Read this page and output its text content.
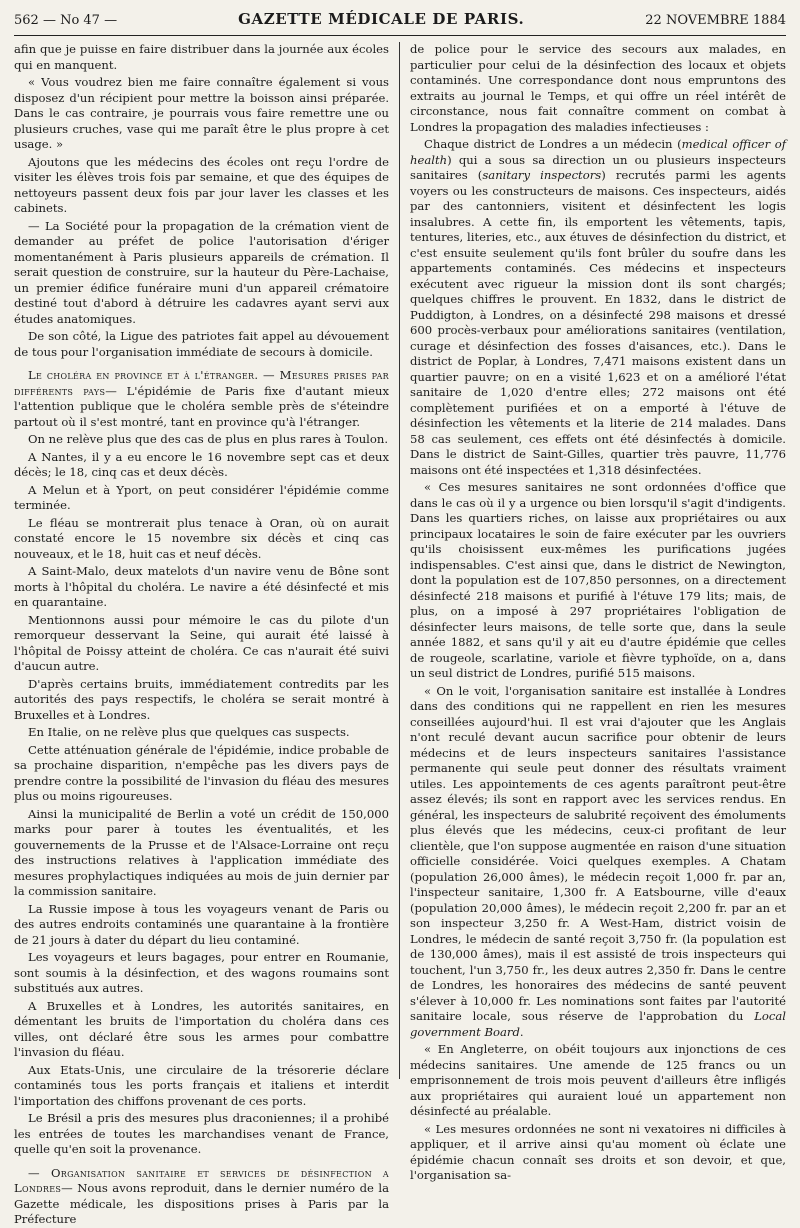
562 — No 47 —	GAZETTE MÉDICALE DE PARIS.	22 NOVEMBRE 1884

afin que je puisse en faire distribuer dans la journée aux écoles qui en manquent.

« Vous voudrez bien me faire connaître également si vous disposez d'un récipient pour mettre la boisson ainsi préparée. Dans le cas contraire, je pourrais vous faire remettre une ou plusieurs cruches, vase qui me paraît être le plus propre à cet usage. »

Ajoutons que les médecins des écoles ont reçu l'ordre de visiter les élèves trois fois par semaine, et que des équipes de nettoyeurs passent deux fois par jour laver les classes et les cabinets.

— La Société pour la propagation de la crémation vient de demander au préfet de police l'autorisation d'ériger momentanément à Paris plusieurs appareils de crémation. Il serait question de construire, sur la hauteur du Père-Lachaise, un premier édifice funéraire muni d'un appareil crématoire destiné tout d'abord à détruire les cadavres ayant servi aux études anatomiques.

De son côté, la Ligue des patriotes fait appel au dévouement de tous pour l'organisation immédiate de secours à domicile.

Le choléra en province et à l'étranger. — Mesures prises par différents pays— L'épidémie de Paris fixe d'autant mieux l'attention publique que le choléra semble près de s'éteindre partout où il s'est montré, tant en province qu'à l'étranger.

On ne relève plus que des cas de plus en plus rares à Toulon.

A Nantes, il y a eu encore le 16 novembre sept cas et deux décès; le 18, cinq cas et deux décès.

A Melun et à Yport, on peut considérer l'épidémie comme terminée.

Le fléau se montrerait plus tenace à Oran, où on aurait constaté encore le 15 novembre six décès et cinq cas nouveaux, et le 18, huit cas et neuf décès.

A Saint-Malo, deux matelots d'un navire venu de Bône sont morts à l'hôpital du choléra. Le navire a été désinfecté et mis en quarantaine.

Mentionnons aussi pour mémoire le cas du pilote d'un remorqueur desservant la Seine, qui aurait été laissé à l'hôpital de Poissy atteint de choléra. Ce cas n'aurait été suivi d'aucun autre.

D'après certains bruits, immédiatement contredits par les autorités des pays respectifs, le choléra se serait montré à Bruxelles et à Londres.

En Italie, on ne relève plus que quelques cas suspects.

Cette atténuation générale de l'épidémie, indice probable de sa prochaine disparition, n'empêche pas les divers pays de prendre contre la possibilité de l'invasion du fléau des mesures plus ou moins rigoureuses.

Ainsi la municipalité de Berlin a voté un crédit de 150,000 marks pour parer à toutes les éventualités, et les gouvernements de la Prusse et de l'Alsace-Lorraine ont reçu des instructions relatives à l'application immédiate des mesures prophylactiques indiquées au mois de juin dernier par la commission sanitaire.

La Russie impose à tous les voyageurs venant de Paris ou des autres endroits contaminés une quarantaine à la frontière de 21 jours à dater du départ du lieu contaminé.

Les voyageurs et leurs bagages, pour entrer en Roumanie, sont soumis à la désinfection, et des wagons roumains sont substitués aux autres.

A Bruxelles et à Londres, les autorités sanitaires, en démentant les bruits de l'importation du choléra dans ces villes, ont déclaré être sous les armes pour combattre l'invasion du fléau.

Aux Etats-Unis, une circulaire de la trésorerie déclare contaminés tous les ports français et italiens et interdit l'importation des chiffons provenant de ces ports.

Le Brésil a pris des mesures plus draconiennes; il a prohibé les entrées de toutes les marchandises venant de France, quelle qu'en soit la provenance.

— Organisation sanitaire et services de désinfection a Londres— Nous avons reproduit, dans le dernier numéro de la Gazette médicale, les dispositions prises à Paris par la Préfecture

de police pour le service des secours aux malades, en particulier pour celui de la désinfection des locaux et objets contaminés. Une correspondance dont nous empruntons des extraits au journal le Temps, et qui offre un réel intérêt de circonstance, nous fait connaître comment on combat à Londres la propagation des maladies infectieuses :

Chaque district de Londres a un médecin (medical officer of health) qui a sous sa direction un ou plusieurs inspecteurs sanitaires (sanitary inspectors) recrutés parmi les agents voyers ou les constructeurs de maisons. Ces inspecteurs, aidés par des cantonniers, visitent et désinfectent les logis insalubres. A cette fin, ils emportent les vêtements, tapis, tentures, literies, etc., aux étuves de désinfection du district, et c'est ensuite seulement qu'ils font brûler du soufre dans les appartements contaminés. Ces médecins et inspecteurs exécutent avec rigueur la mission dont ils sont chargés; quelques chiffres le prouvent. En 1832, dans le district de Puddigton, à Londres, on a désinfecté 298 maisons et dressé 600 procès-verbaux pour améliorations sanitaires (ventilation, curage et désinfection des fosses d'aisances, etc.). Dans le district de Poplar, à Londres, 7,471 maisons existent dans un quartier pauvre; on en a visité 1,623 et on a amélioré l'état sanitaire de 1,020 d'entre elles; 272 maisons ont été complètement purifiées et on a emporté à l'étuve de désinfection les vêtements et la literie de 214 malades. Dans 58 cas seulement, ces effets ont été désinfectés à domicile. Dans le district de Saint-Gilles, quartier très pauvre, 11,776 maisons ont été inspectées et 1,318 désinfectées.

« Ces mesures sanitaires ne sont ordonnées d'office que dans le cas où il y a urgence ou bien lorsqu'il s'agit d'indigents. Dans les quartiers riches, on laisse aux propriétaires ou aux principaux locataires le soin de faire exécuter par les ouvriers qu'ils choisissent eux-mêmes les purifications jugées indispensables. C'est ainsi que, dans le district de Newington, dont la population est de 107,850 personnes, on a directement désinfecté 218 maisons et purifié à l'étuve 179 lits; mais, de plus, on a imposé à 297 propriétaires l'obligation de désinfecter leurs maisons, de telle sorte que, dans la seule année 1882, et sans qu'il y ait eu d'autre épidémie que celles de rougeole, scarlatine, variole et fièvre typhoïde, on a, dans un seul district de Londres, purifié 515 maisons.

« On le voit, l'organisation sanitaire est installée à Londres dans des conditions qui ne rappellent en rien les mesures conseillées aujourd'hui. Il est vrai d'ajouter que les Anglais n'ont reculé devant aucun sacrifice pour obtenir de leurs médecins et de leurs inspecteurs sanitaires l'assistance permanente qui seule peut donner des résultats vraiment utiles. Les appointements de ces agents paraîtront peut-être assez élevés; ils sont en rapport avec les services rendus. En général, les inspecteurs de salubrité reçoivent des émoluments plus élevés que les médecins, ceux-ci profitant de leur clientèle, que l'on suppose augmentée en raison d'une situation officielle considérée. Voici quelques exemples. A Chatam (population 26,000 âmes), le médecin reçoit 1,000 fr. par an, l'inspecteur sanitaire, 1,300 fr. A Eatsbourne, ville d'eaux (population 20,000 âmes), le médecin reçoit 2,200 fr. par an et son inspecteur 3,250 fr. A West-Ham, district voisin de Londres, le médecin de santé reçoit 3,750 fr. (la population est de 130,000 âmes), mais il est assisté de trois inspecteurs qui touchent, l'un 3,750 fr., les deux autres 2,350 fr. Dans le centre de Londres, les honoraires des médecins de santé peuvent s'élever à 10,000 fr. Les nominations sont faites par l'autorité sanitaire locale, sous réserve de l'approbation du Local government Board.

« En Angleterre, on obéit toujours aux injonctions de ces médecins sanitaires. Une amende de 125 francs ou un emprisonnement de trois mois peuvent d'ailleurs être infligés aux propriétaires qui auraient loué un appartement non désinfecté au préalable.

« Les mesures ordonnées ne sont ni vexatoires ni difficiles à appliquer, et il arrive ainsi qu'au moment où éclate une épidémie chacun connaît ses droits et son devoir, et que, l'organisation sa-
